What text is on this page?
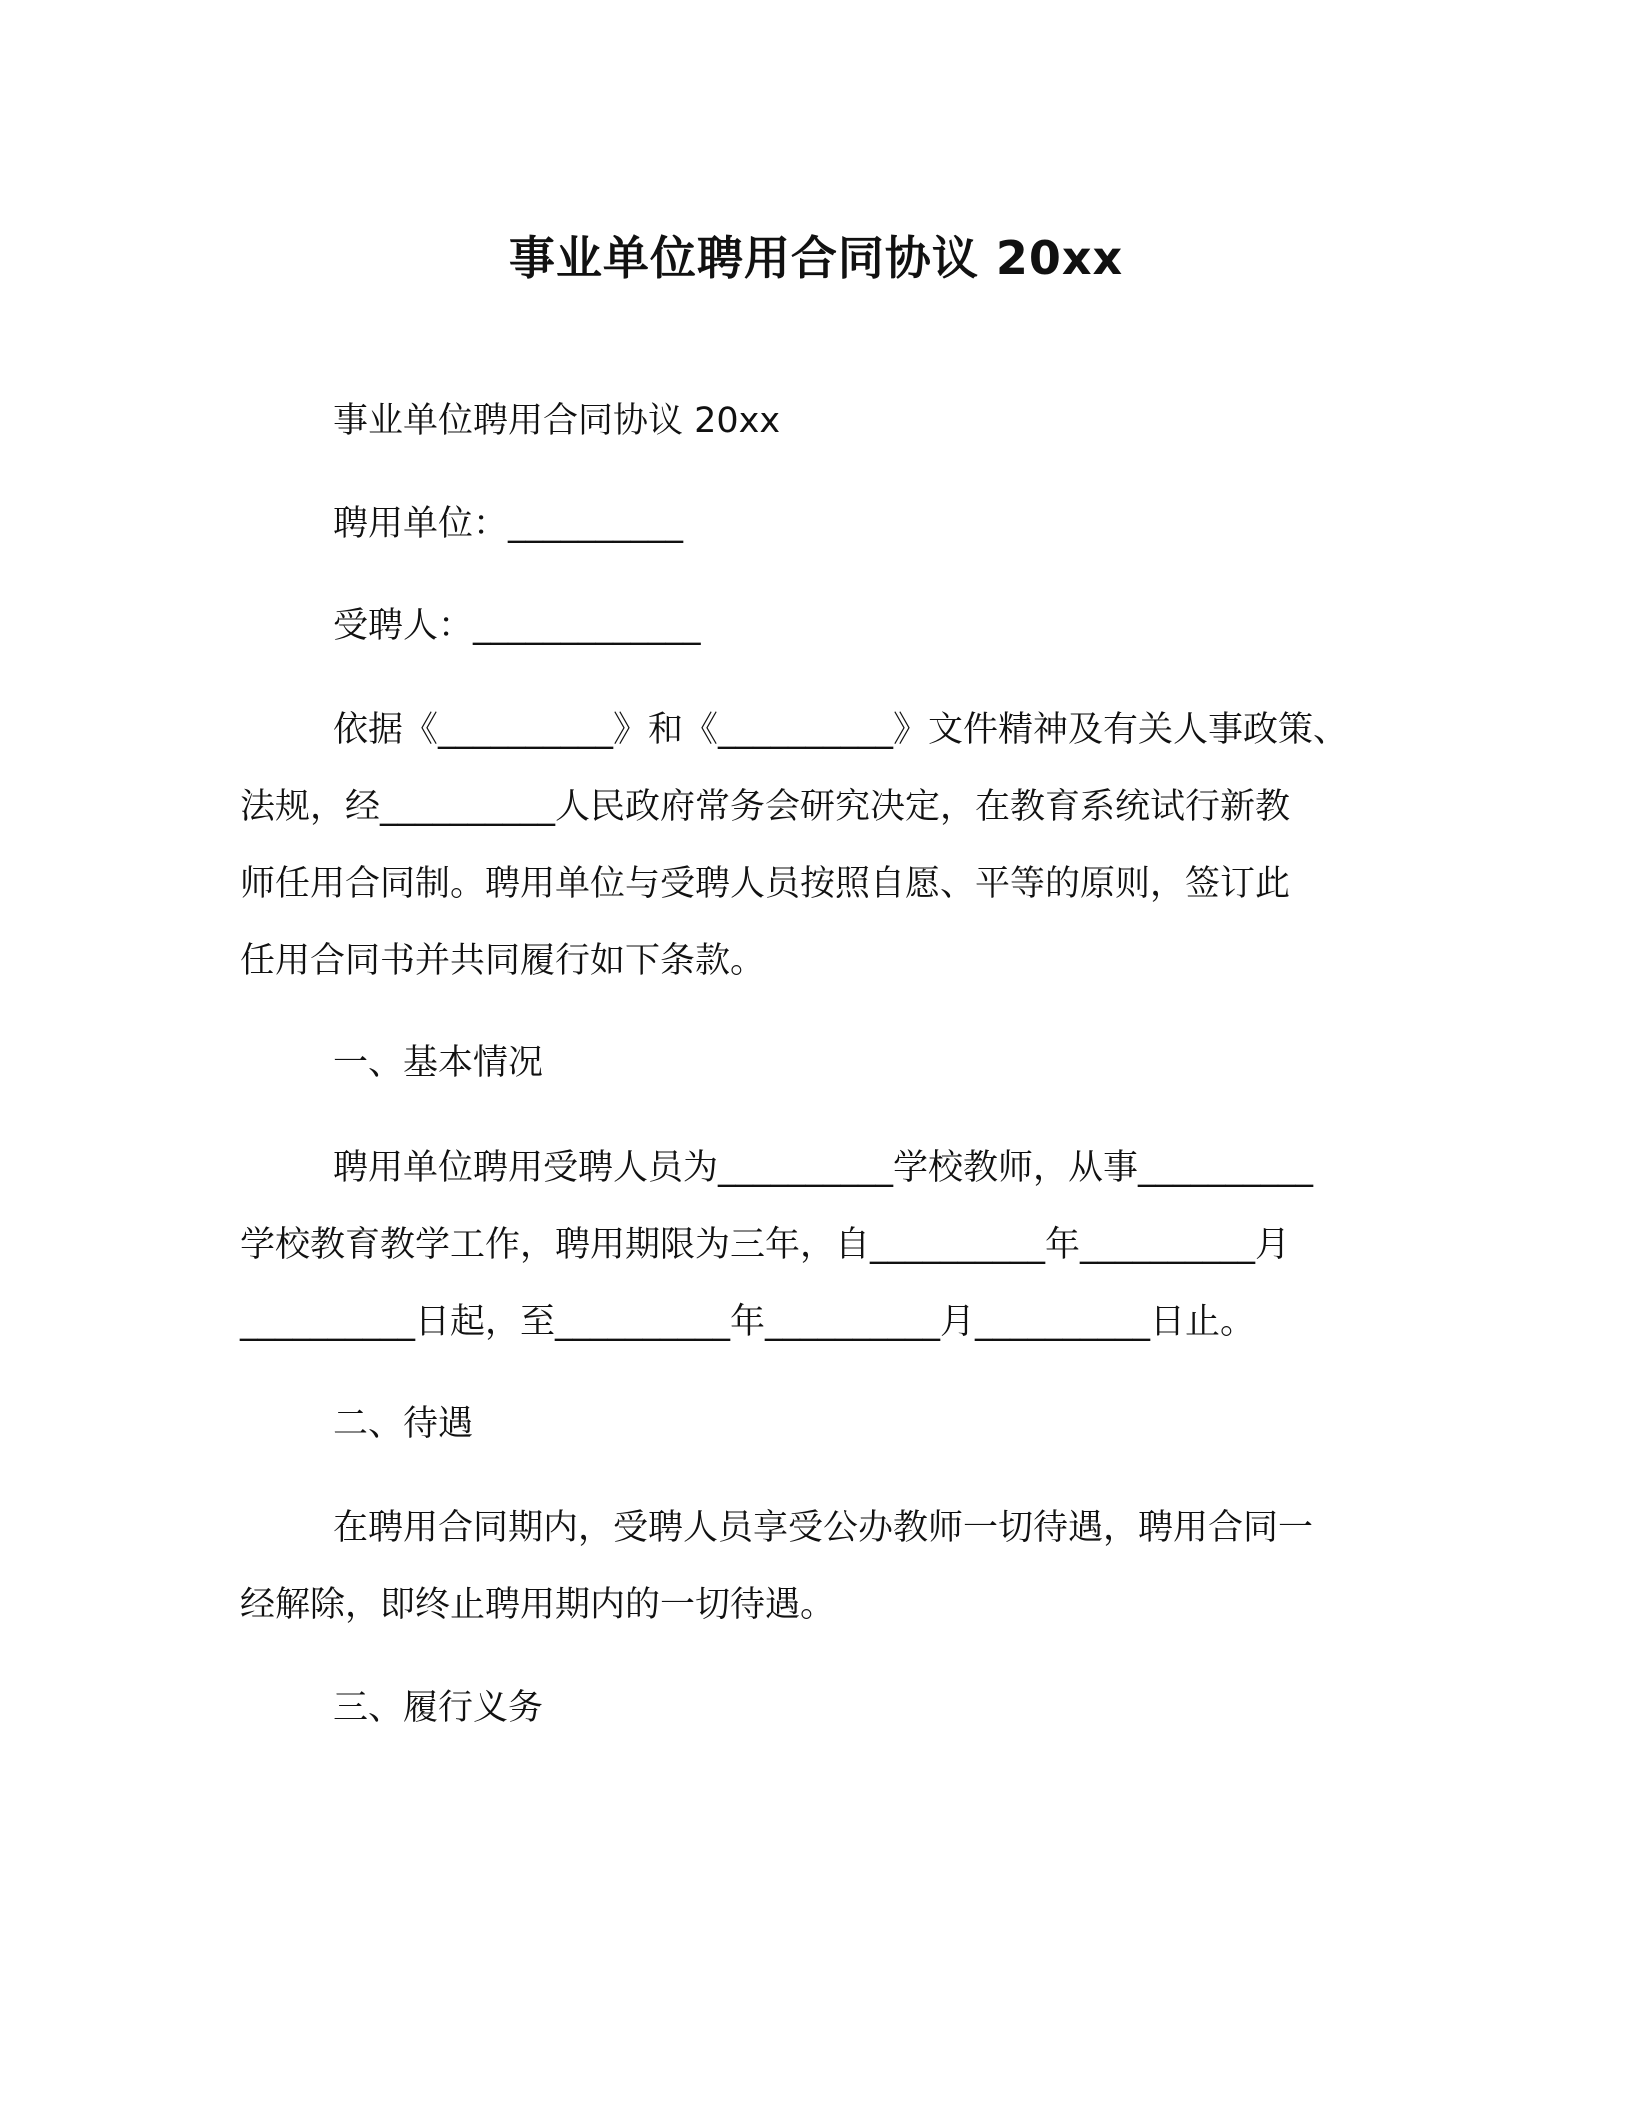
事业单位聘用合同协议 20xx

事业单位聘用合同协议 20xx

聘用单位：__________

受聘人：_____________

依据《__________》和《__________》文件精神及有关人事政策、
法规，经__________人民政府常务会研究决定，在教育系统试行新教
师任用合同制。聘用单位与受聘人员按照自愿、平等的原则，签订此
任用合同书并共同履行如下条款。

一、基本情况

聘用单位聘用受聘人员为__________学校教师，从事__________
学校教育教学工作，聘用期限为三年，自__________年__________月
__________日起，至__________年__________月__________日止。

二、待遇

在聘用合同期内，受聘人员享受公办教师一切待遇，聘用合同一
经解除，即终止聘用期内的一切待遇。

三、履行义务
